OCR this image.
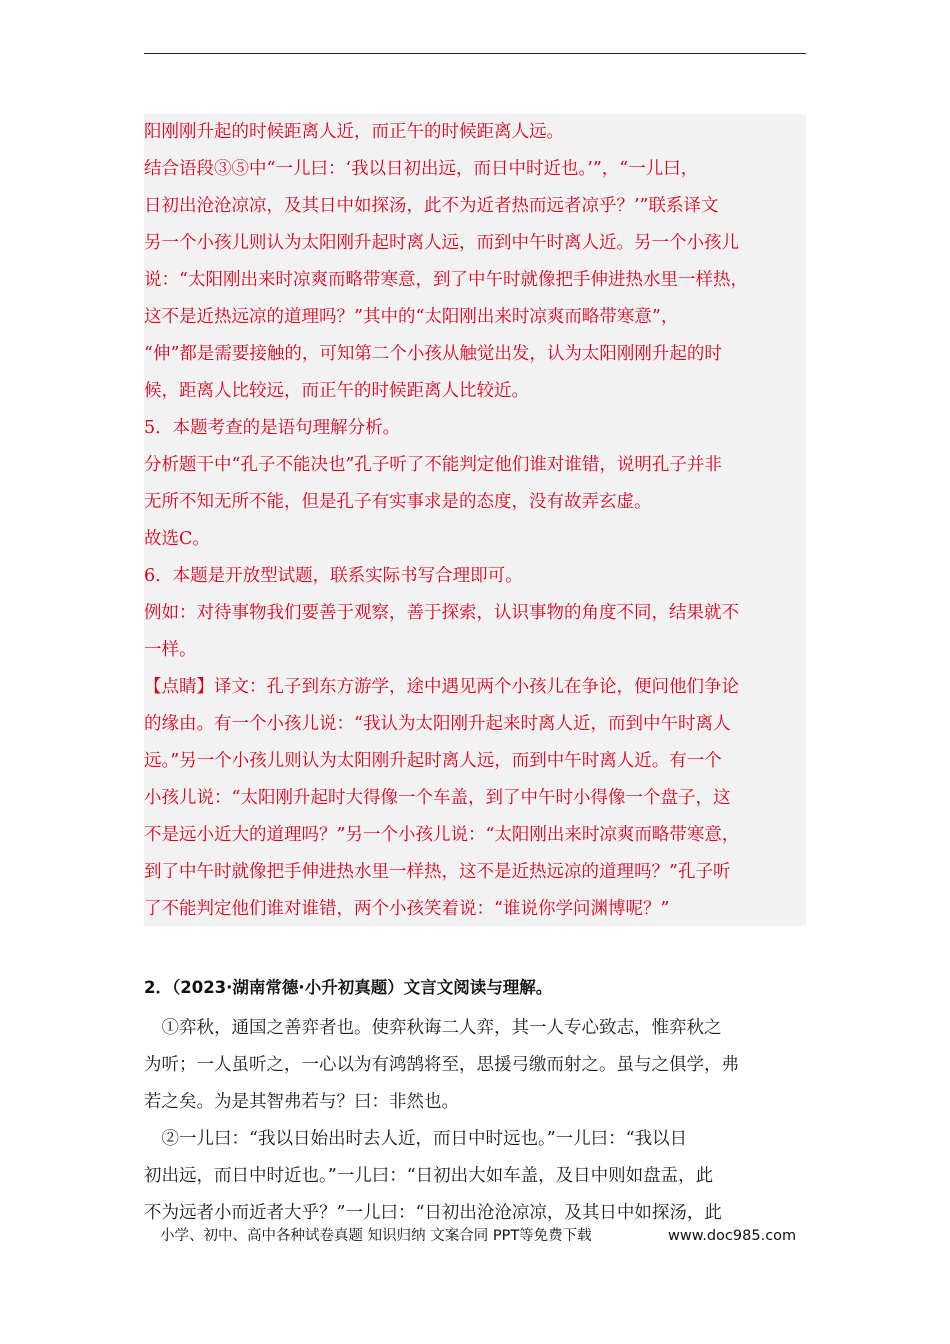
阳刚刚升起的时候距离人近，而正午的时候距离人远。
结合语段③⑤中“一儿曰：‘我以日初出远，而日中时近也。’”，“一儿曰，
日初出沧沧凉凉，及其日中如探汤，此不为近者热而远者凉乎？’”联系译文
另一个小孩儿则认为太阳刚升起时离人远，而到中午时离人近。另一个小孩儿
说：“太阳刚出来时凉爽而略带寒意，到了中午时就像把手伸进热水里一样热，
这不是近热远凉的道理吗？”其中的“太阳刚出来时凉爽而略带寒意”，
“伸”都是需要接触的，可知第二个小孩从触觉出发，认为太阳刚刚升起的时
候，距离人比较远，而正午的时候距离人比较近。
5．本题考查的是语句理解分析。
分析题干中“孔子不能决也”孔子听了不能判定他们谁对谁错，说明孔子并非
无所不知无所不能，但是孔子有实事求是的态度，没有故弄玄虚。
故选C。
6．本题是开放型试题，联系实际书写合理即可。
例如：对待事物我们要善于观察，善于探索，认识事物的角度不同，结果就不
一样。
【点睛】译文：孔子到东方游学，途中遇见两个小孩儿在争论，便问他们争论
的缘由。有一个小孩儿说：“我认为太阳刚升起来时离人近，而到中午时离人
远。”另一个小孩儿则认为太阳刚升起时离人远，而到中午时离人近。有一个
小孩儿说：“太阳刚升起时大得像一个车盖，到了中午时小得像一个盘子，这
不是远小近大的道理吗？”另一个小孩儿说：“太阳刚出来时凉爽而略带寒意，
到了中午时就像把手伸进热水里一样热，这不是近热远凉的道理吗？”孔子听
了不能判定他们谁对谁错，两个小孩笑着说：“谁说你学问渊博呢？”
2．（2023·湖南常德·小升初真题）文言文阅读与理解。
　①弈秋，通国之善弈者也。使弈秋诲二人弈，其一人专心致志，惟弈秋之
为听；一人虽听之，一心以为有鸿鹄将至，思援弓缴而射之。虽与之俱学，弗
若之矣。为是其智弗若与？曰：非然也。
　②一儿曰：“我以日始出时去人近，而日中时远也。”一儿曰：“我以日
初出远，而日中时近也。”一儿曰：“日初出大如车盖，及日中则如盘盂，此
不为远者小而近者大乎？”一儿曰：“日初出沧沧凉凉，及其日中如探汤，此
小学、初中、高中各种试卷真题 知识归纳 文案合同 PPT等免费下载	www.doc985.com
